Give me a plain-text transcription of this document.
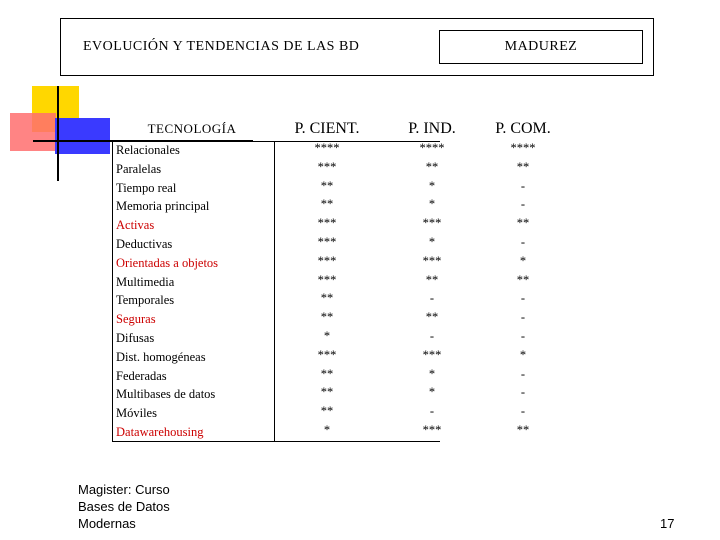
EVOLUCIÓN Y TENDENCIAS DE LAS BD	MADUREZ
TECNOLOGÍA	P. CIENT.	P. IND.	P. COM.
Relacionales	****	****	****
Paralelas	***	**	**
Tiempo real	**	*	-
Memoria principal	**	*	-
Activas	***	***	**
Deductivas	***	*	-
Orientadas a objetos	***	***	*
Multimedia	***	**	**
Temporales	**	-	-
Seguras	**	**	-
Difusas	*	-	-
Dist. homogéneas	***	***	*
Federadas	**	*	-
Multibases de datos	**	*	-
Móviles	**	-	-
Datawarehousing	*	***	**
Magister: Curso
Bases de Datos
Modernas	17
